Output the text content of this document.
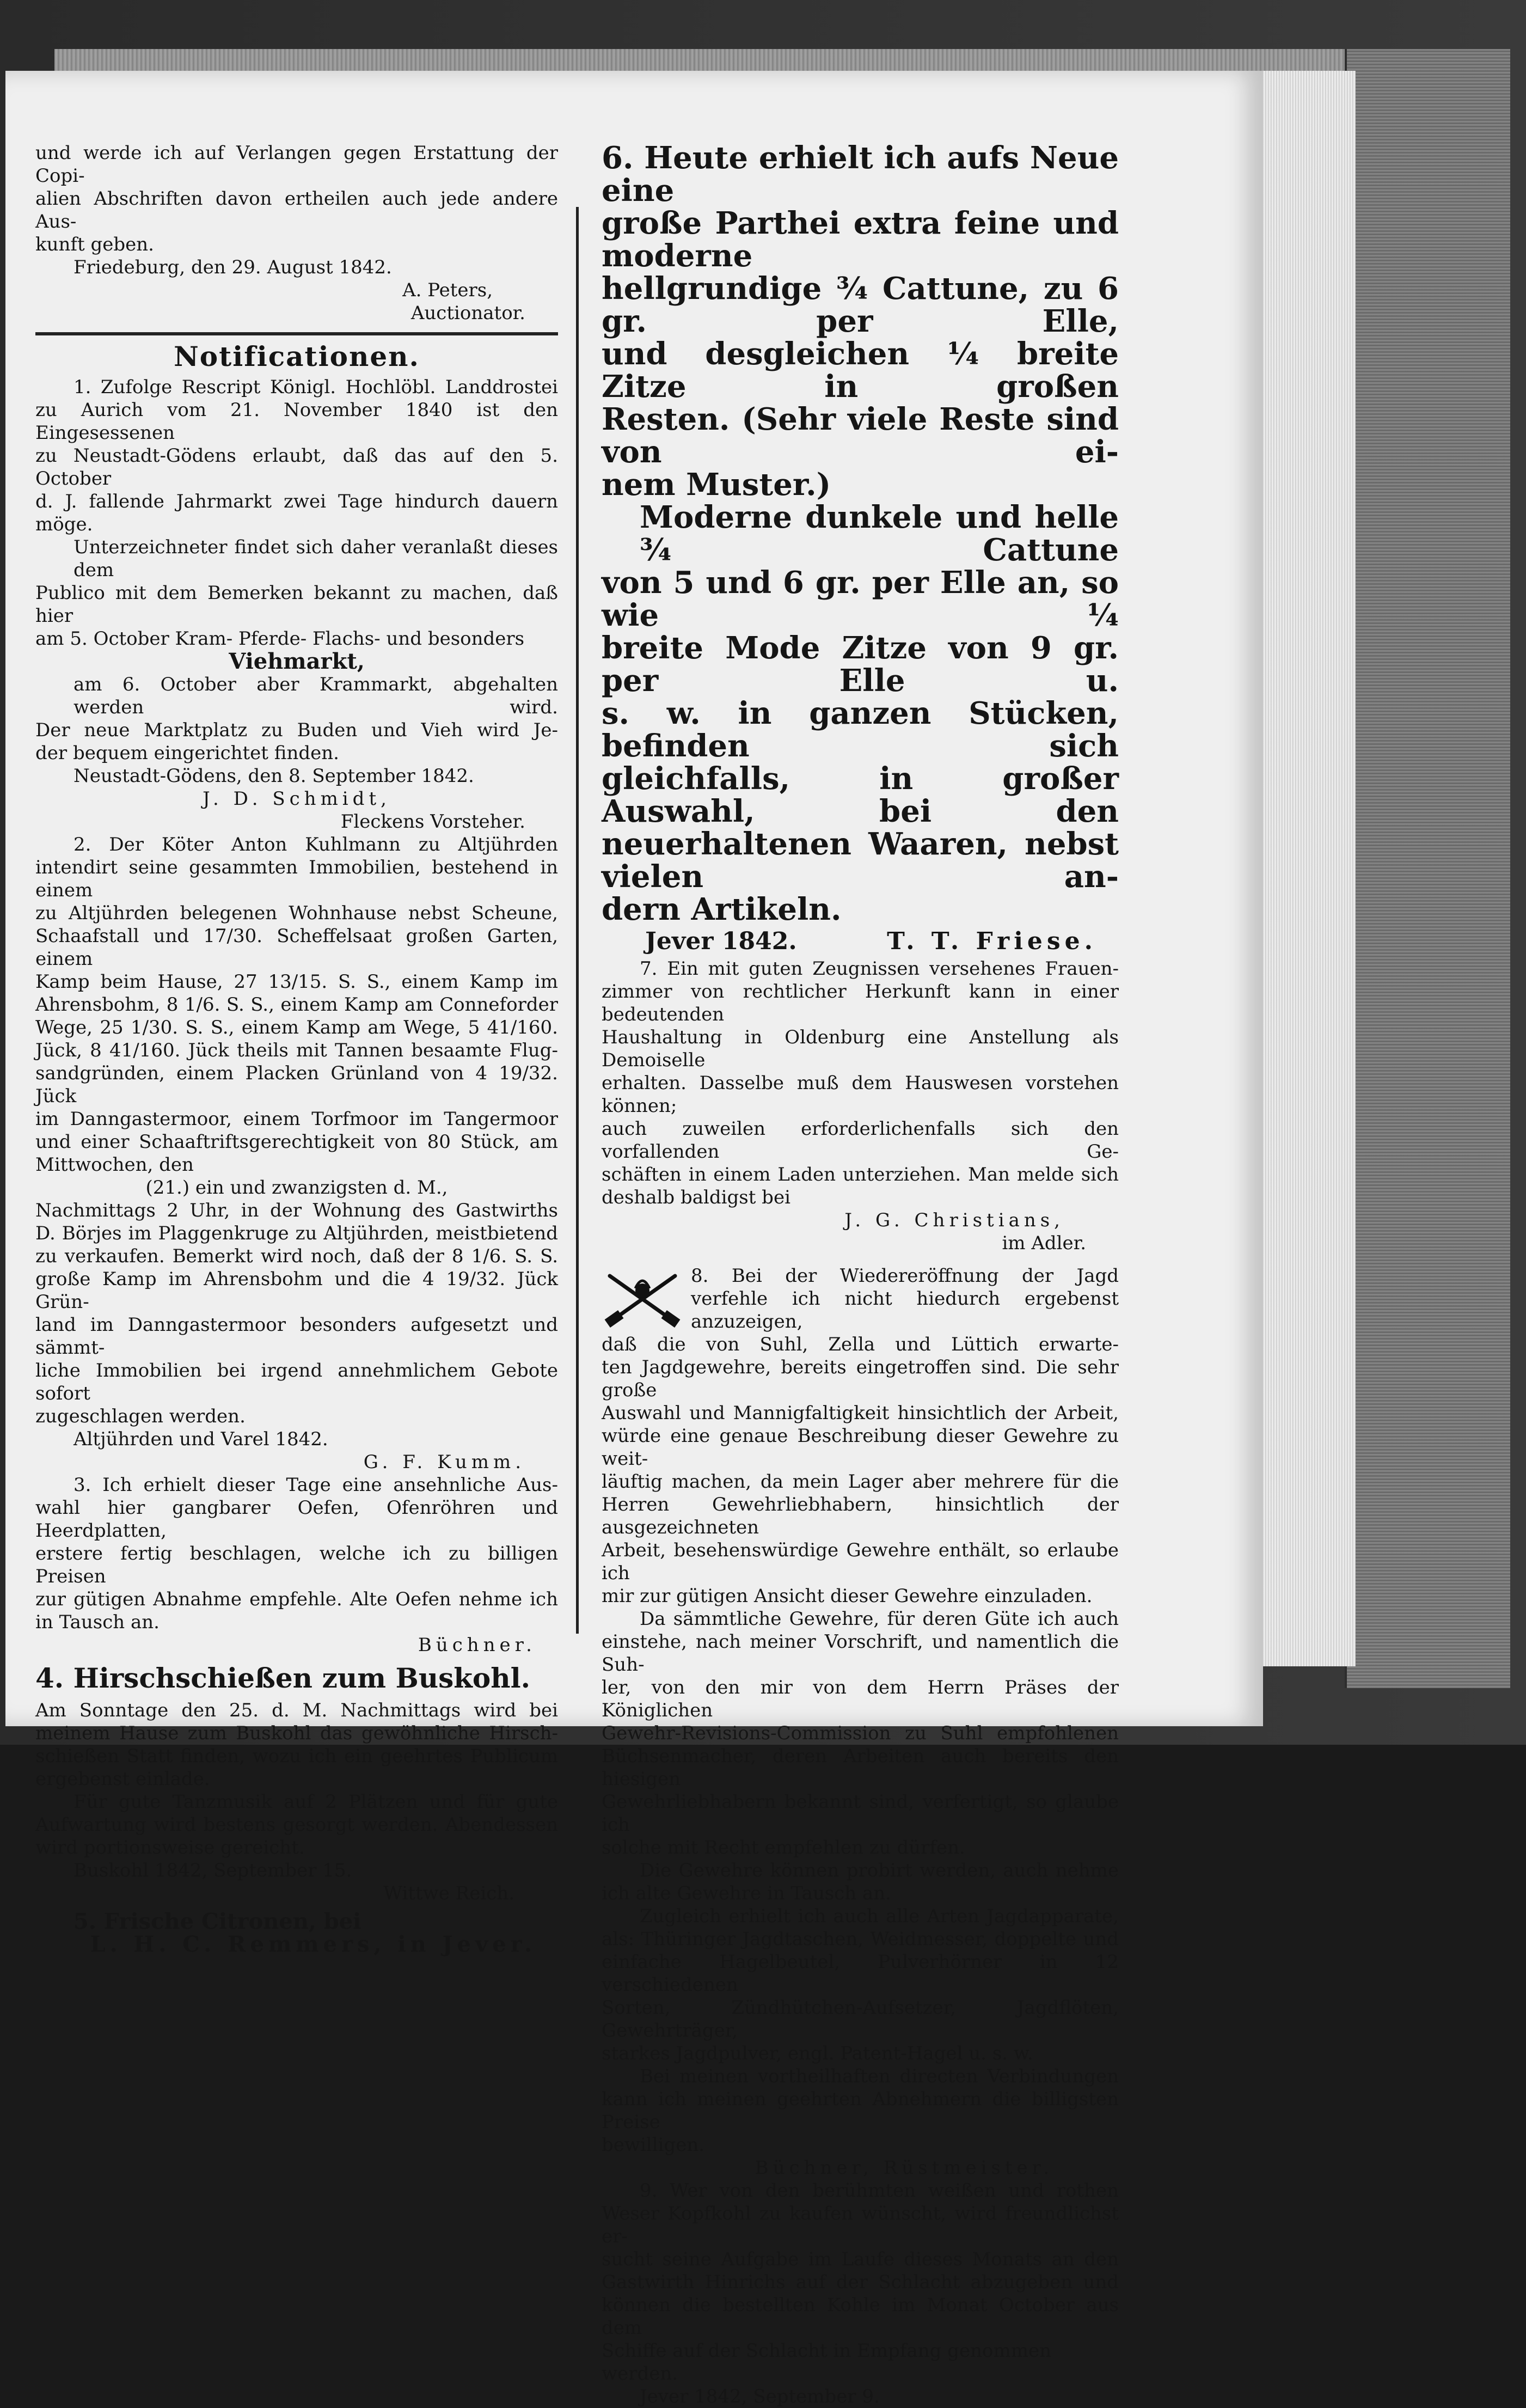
und werde ich auf Verlangen gegen Erstattung der Copi-
alien Abschriften davon ertheilen auch jede andere Aus-
kunft geben.

Friedeburg, den 29. August 1842.

A. Peters,

Auctionator.

Notificationen.
1. Zufolge Rescript Königl. Hochlöbl. Landdrostei
zu Aurich vom 21. November 1840 ist den Eingesessenen
zu Neustadt-Gödens erlaubt, daß das auf den 5. October
d. J. fallende Jahrmarkt zwei Tage hindurch dauern
möge.
Unterzeichneter findet sich daher veranlaßt dieses dem
Publico mit dem Bemerken bekannt zu machen, daß hier
am 5. October Kram- Pferde- Flachs- und besonders

Viehmarkt,

am 6. October aber Krammarkt, abgehalten werden wird.
Der neue Marktplatz zu Buden und Vieh wird Je-
der bequem eingerichtet finden.

Neustadt-Gödens, den 8. September 1842.

J. D. Schmidt,

Fleckens Vorsteher.

2. Der Köter Anton Kuhlmann zu Altjührden
intendirt seine gesammten Immobilien, bestehend in einem
zu Altjührden belegenen Wohnhause nebst Scheune,
Schaafstall und 17/30. Scheffelsaat großen Garten, einem
Kamp beim Hause, 27 13/15. S. S., einem Kamp im
Ahrensbohm, 8 1/6. S. S., einem Kamp am Conneforder
Wege, 25 1/30. S. S., einem Kamp am Wege, 5 41/160.
Jück, 8 41/160. Jück theils mit Tannen besaamte Flug-
sandgründen, einem Placken Grünland von 4 19/32. Jück
im Danngastermoor, einem Torfmoor im Tangermoor
und einer Schaaftriftsgerechtigkeit von 80 Stück, am
Mittwochen, den

(21.) ein und zwanzigsten d. M.,

Nachmittags 2 Uhr, in der Wohnung des Gastwirths
D. Börjes im Plaggenkruge zu Altjührden, meistbietend
zu verkaufen. Bemerkt wird noch, daß der 8 1/6. S. S.
große Kamp im Ahrensbohm und die 4 19/32. Jück Grün-
land im Danngastermoor besonders aufgesetzt und sämmt-
liche Immobilien bei irgend annehmlichem Gebote sofort
zugeschlagen werden.

Altjührden und Varel 1842.

G. F. Kumm.

3. Ich erhielt dieser Tage eine ansehnliche Aus-
wahl hier gangbarer Oefen, Ofenröhren und Heerdplatten,
erstere fertig beschlagen, welche ich zu billigen Preisen
zur gütigen Abnahme empfehle. Alte Oefen nehme ich
in Tausch an.

Büchner.

4. Hirschschießen zum Buskohl.
Am Sonntage den 25. d. M. Nachmittags wird bei
meinem Hause zum Buskohl das gewöhnliche Hirsch-
schießen Statt finden, wozu ich ein geehrtes Publicum
ergebenst einlade.
Für gute Tanzmusik auf 2 Plätzen und für gute
Aufwartung wird bestens gesorgt werden. Abendessen
wird portionsweise gereicht.

Buskohl 1842, September 15.

Wittwe Reich.

5. Frische Citronen, bei

L. H. C. Remmers, in Jever.

6. Heute erhielt ich aufs Neue eine
große Parthei extra feine und moderne
hellgrundige ¾ Cattune, zu 6 gr. per Elle,
und desgleichen ¼ breite Zitze in großen
Resten. (Sehr viele Reste sind von ei-
nem Muster.)
Moderne dunkele und helle ¾ Cattune
von 5 und 6 gr. per Elle an, so wie ¼
breite Mode Zitze von 9 gr. per Elle u.
s. w. in ganzen Stücken, befinden sich
gleichfalls, in großer Auswahl, bei den
neuerhaltenen Waaren, nebst vielen an-
dern Artikeln.
Jever 1842.	T. T. Friese.
7. Ein mit guten Zeugnissen versehenes Frauen-
zimmer von rechtlicher Herkunft kann in einer bedeutenden
Haushaltung in Oldenburg eine Anstellung als Demoiselle
erhalten. Dasselbe muß dem Hauswesen vorstehen können;
auch zuweilen erforderlichenfalls sich den vorfallenden Ge-
schäften in einem Laden unterziehen. Man melde sich
deshalb baldigst bei

J. G. Christians,

im Adler.

8. Bei der Wiedereröffnung der Jagd
verfehle ich nicht hiedurch ergebenst anzuzeigen,
daß die von Suhl, Zella und Lüttich erwarte-
ten Jagdgewehre, bereits eingetroffen sind. Die sehr große
Auswahl und Mannigfaltigkeit hinsichtlich der Arbeit,
würde eine genaue Beschreibung dieser Gewehre zu weit-
läuftig machen, da mein Lager aber mehrere für die
Herren Gewehrliebhabern, hinsichtlich der ausgezeichneten
Arbeit, besehenswürdige Gewehre enthält, so erlaube ich
mir zur gütigen Ansicht dieser Gewehre einzuladen.
Da sämmtliche Gewehre, für deren Güte ich auch
einstehe, nach meiner Vorschrift, und namentlich die Suh-
ler, von den mir von dem Herrn Präses der Königlichen
Gewehr-Revisions-Commission zu Suhl empfohlenen
Büchsenmacher, deren Arbeiten auch bereits den hiesigen
Gewehrliebhabern bekannt sind, verfertigt, so glaube ich
solche mit Recht empfehlen zu dürfen.
Die Gewehre können probirt werden, auch nehme
ich alte Gewehre in Tausch an.
Zugleich erhielt ich auch alle Arten Jagdapparate,
als: Thüringer Jagdtaschen, Weidmesser, doppelte und
einfache Hagelbeutel, Pulverhörner in 12 verschiedenen
Sorten, Zündhütchen-Aufsetzer, Jagdflöten, Gewehrträger,
starkes Jagdpulver, engl. Patent-Hagel u. s. w.
Bei meinen vortheilhaften directen Verbindungen
kann ich meinen geehrten Abnehmern die billigsten Preise
bewilligen.

Büchner, Rüstmeister.

9. Wer von den berühmten weißen und rothen
Weser Kopfkohl zu kaufen wünscht, wird freundlichst er-
sucht seine Aufgabe im Laufe dieses Monats an den
Gastwirth Hinrichs auf der Schlacht abzugeben und
können die bestellten Kohle im Monat October aus dem
Schiffe auf der Schlacht in Empfang genommen werden.

Jever 1842, September 9.
